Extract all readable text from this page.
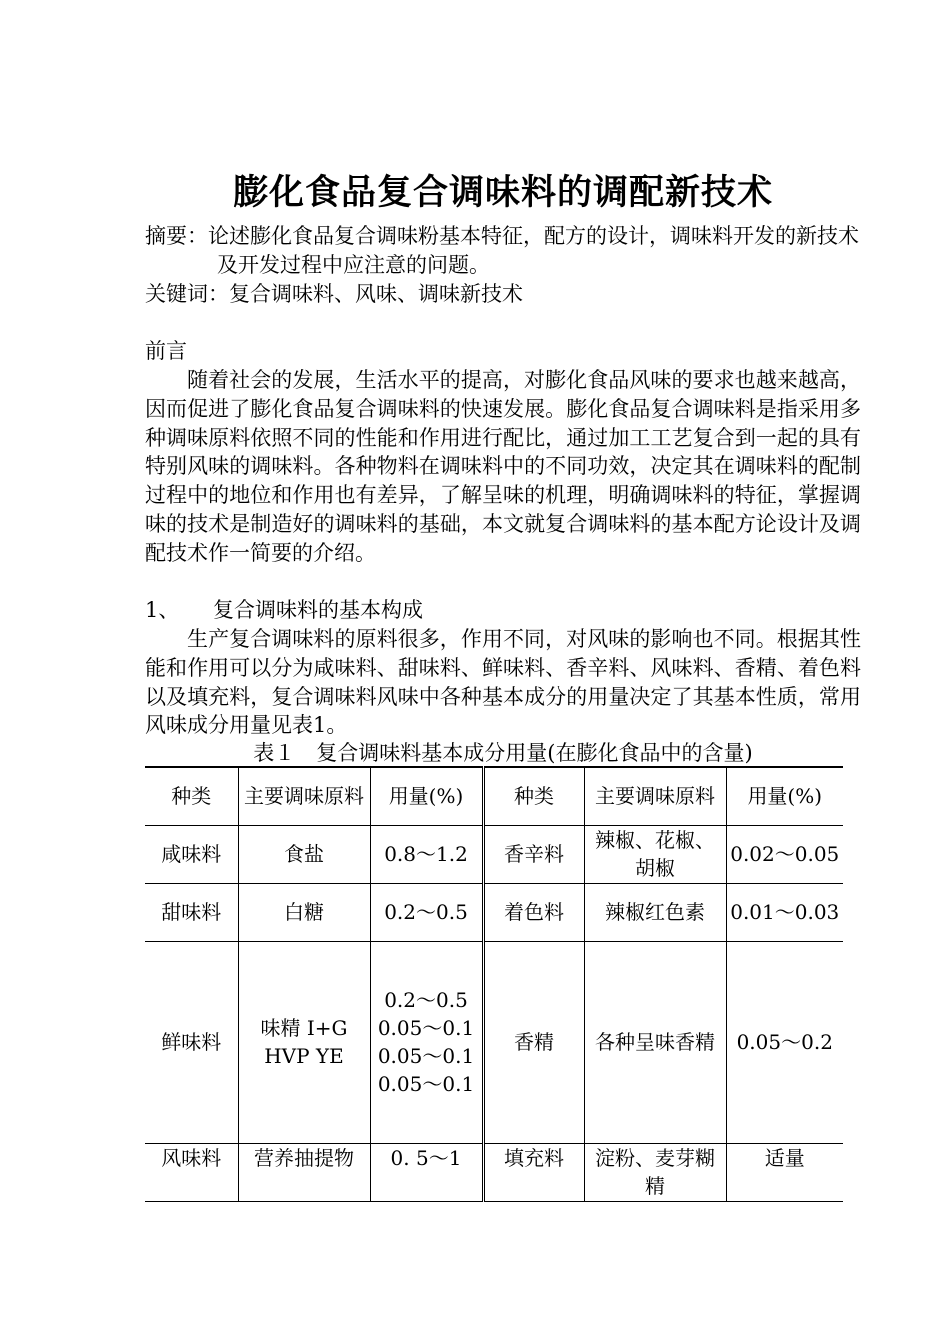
膨化食品复合调味料的调配新技术

摘要：论述膨化食品复合调味粉基本特征，配方的设计，调味料开发的新技术及开发过程中应注意的问题。

关键词：复合调味料、风味、调味新技术

前言

随着社会的发展，生活水平的提高，对膨化食品风味的要求也越来越高，因而促进了膨化食品复合调味料的快速发展。膨化食品复合调味料是指采用多种调味原料依照不同的性能和作用进行配比，通过加工工艺复合到一起的具有特别风味的调味料。各种物料在调味料中的不同功效，决定其在调味料的配制过程中的地位和作用也有差异，了解呈味的机理，明确调味料的特征，掌握调味的技术是制造好的调味料的基础，本文就复合调味料的基本配方论设计及调配技术作一简要的介绍。

1、 复合调味料的基本构成

生产复合调味料的原料很多，作用不同，对风味的影响也不同。根据其性能和作用可以分为咸味料、甜味料、鲜味料、香辛料、风味料、香精、着色料以及填充料，复合调味料风味中各种基本成分的用量决定了其基本性质，常用风味成分用量见表1。

表１　复合调味料基本成分用量(在膨化食品中的含量)
种类	主要调味原料	用量(%)	种类	主要调味原料	用量(%)
咸味料	食盐	0.8～1.2	香辛料	辣椒、花椒、胡椒	0.02～0.05
甜味料	白糖	0.2～0.5	着色料	辣椒红色素	0.01～0.03
鲜味料	味精 I+G HVP YE	0.2～0.5 0.05～0.1 0.05～0.1 0.05～0.1	香精	各种呈味香精	0.05～0.2
风味料	营养抽提物	0. 5～1	填充料	淀粉、麦芽糊精	适量
